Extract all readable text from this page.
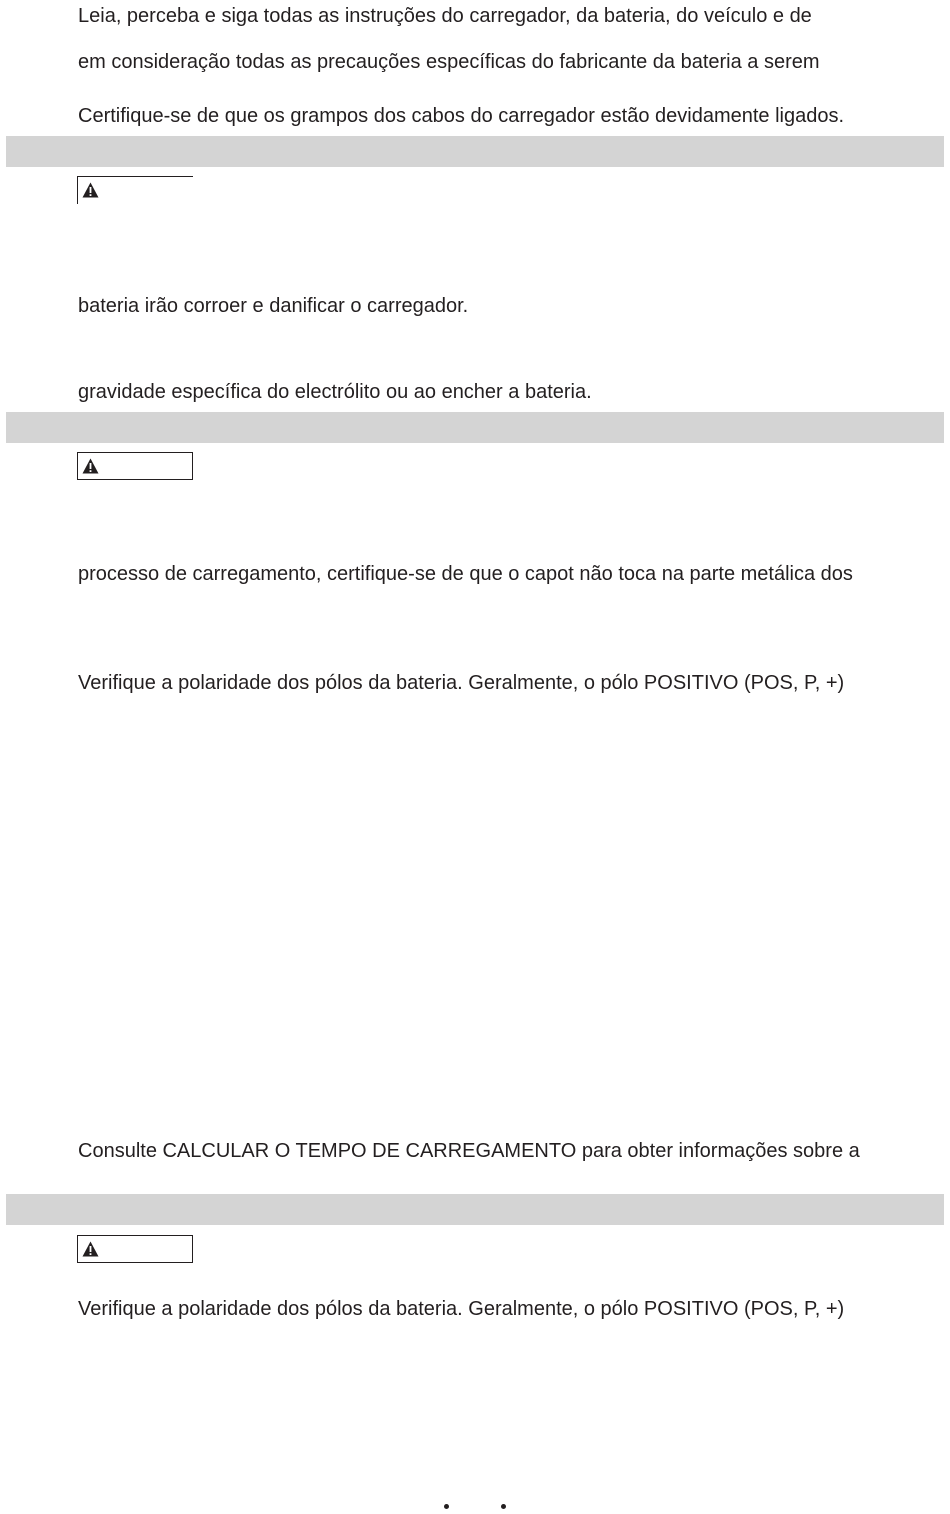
Leia, perceba e siga todas as instruções do carregador, da bateria, do veículo e de

em consideração todas as precauções específicas do fabricante da bateria a serem

Certifique-se de que os grampos dos cabos do carregador estão devidamente ligados.

bateria irão corroer e danificar o carregador.

gravidade específica do electrólito ou ao encher a bateria.

processo de carregamento, certifique-se de que o capot não toca na parte metálica dos

Verifique a polaridade dos pólos da bateria. Geralmente, o pólo POSITIVO (POS, P, +)

Consulte CALCULAR O TEMPO DE CARREGAMENTO para obter informações sobre a

Verifique a polaridade dos pólos da bateria. Geralmente, o pólo POSITIVO (POS, P, +)
